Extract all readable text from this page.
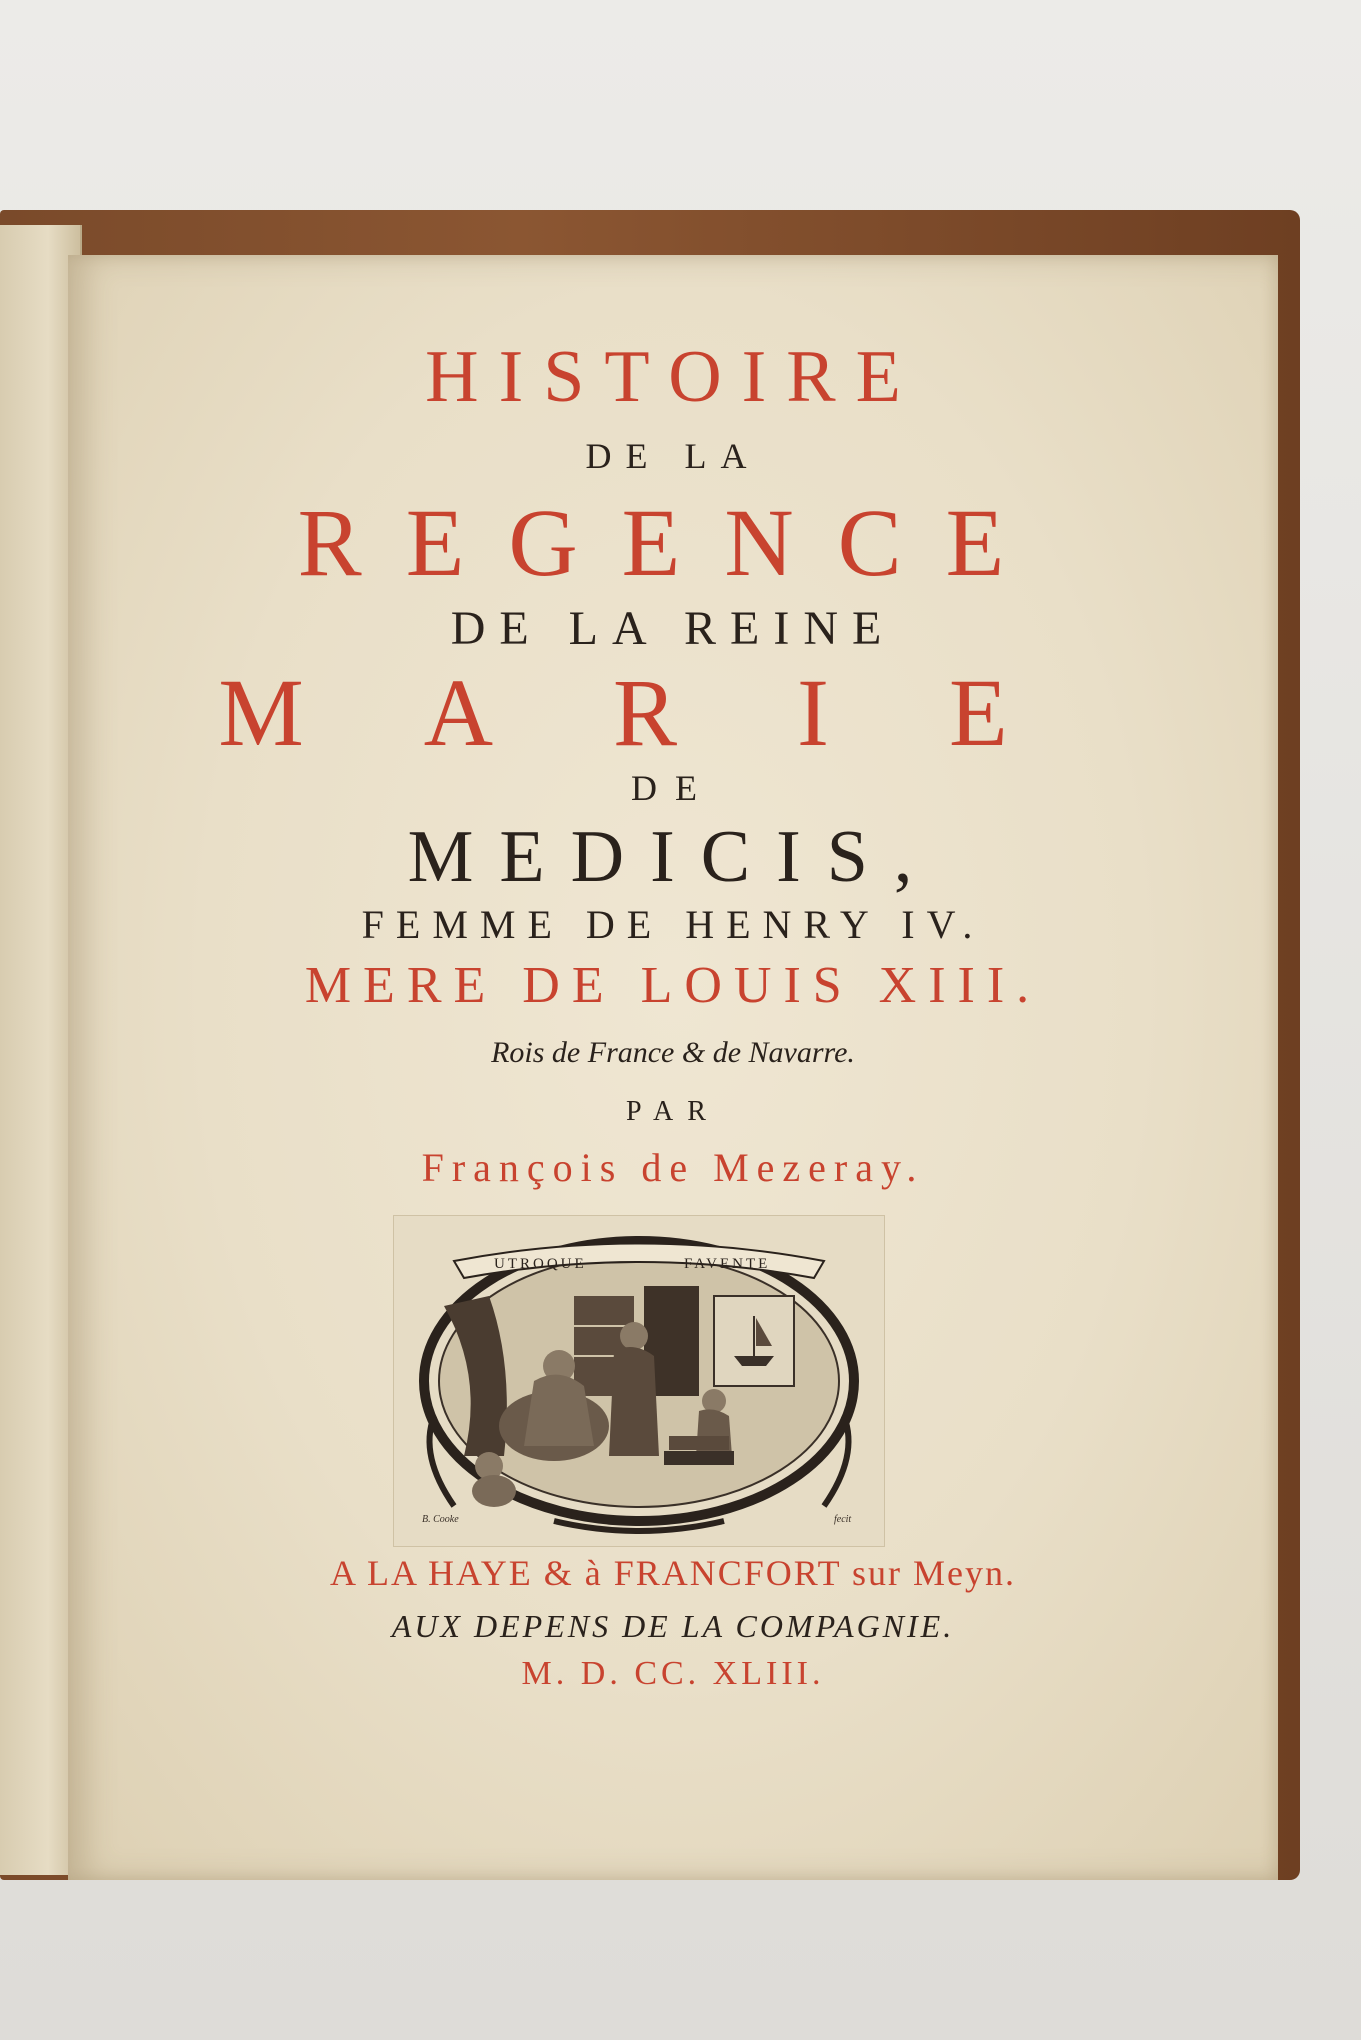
HISTOIRE
DE LA
REGENCE
DE LA REINE
MARIE
DE
MEDICIS,
FEMME DE HENRY IV.
MERE DE LOUIS XIII.
Rois de France & de Navarre.
PAR
François de Mezeray.
UTROQUE	FAVENTE
B. Cooke	fecit
A LA HAYE & à FRANCFORT sur Meyn.
AUX DEPENS DE LA COMPAGNIE.
M. D. CC. XLIII.
